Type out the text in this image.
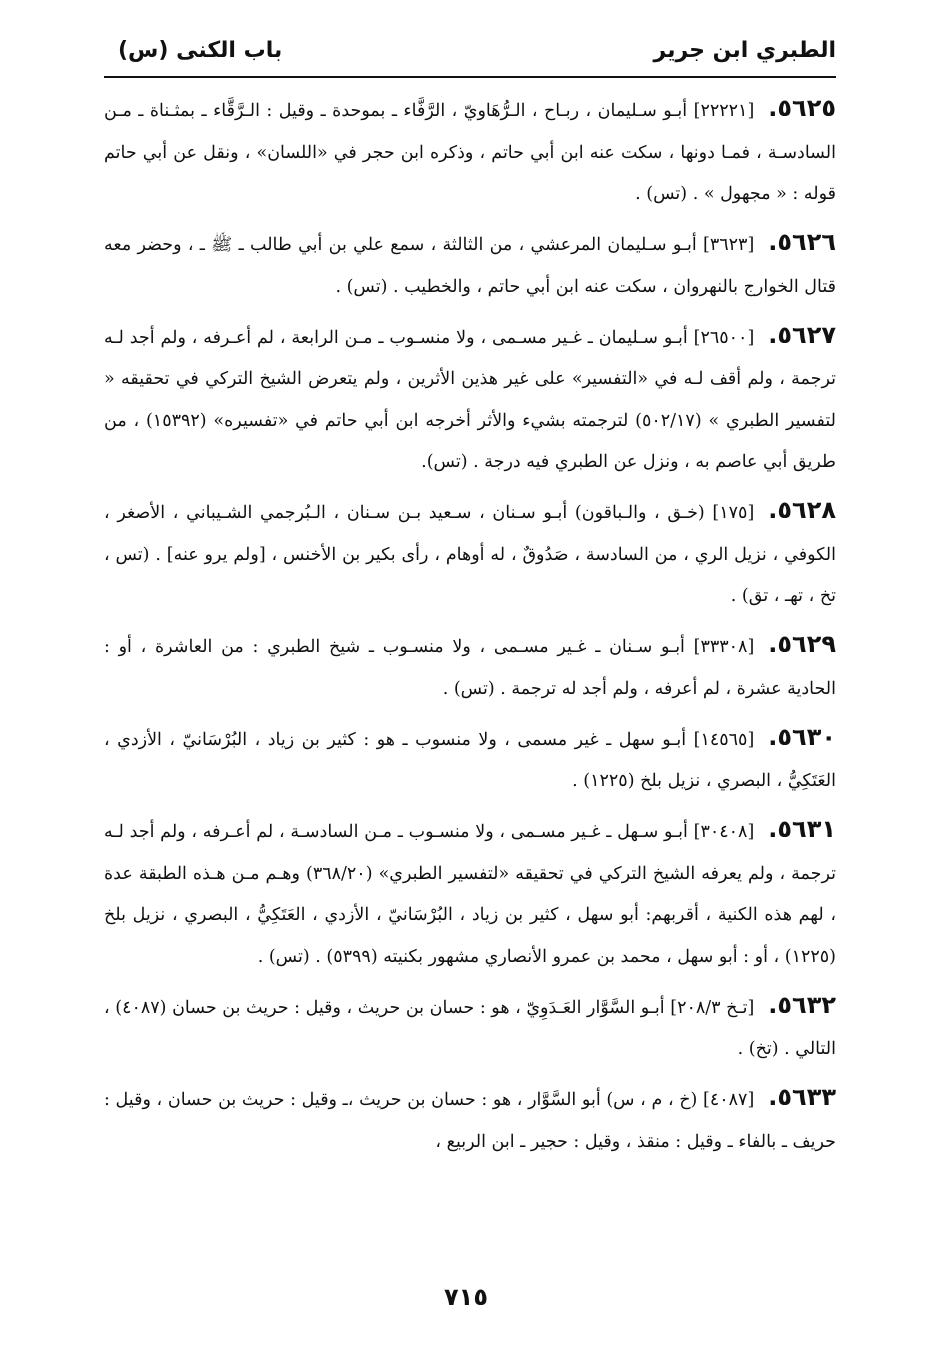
الطبري ابن جرير
باب الكنى (س)

٥٦٢٥.[٢٢٢٢١] أبـو سـليمان ، ربـاح ، الـرُّهَاويّ ، الرَّفَّاء ـ بموحدة ـ وقيل : الـرَّقَّاء ـ بمثـناة ـ مـن السادسـة ، فمـا دونها ، سكت عنه ابن أبي حاتم ، وذكره ابن حجر في «اللسان» ، ونقل عن أبي حاتم قوله : « مجهول » . (تس) .

٥٦٢٦.[٣٦٢٣] أبـو سـليمان المرعشي ، من الثالثة ، سمع علي بن أبي طالب ـ ﷺ ـ ، وحضر معه قتال الخوارج بالنهروان ، سكت عنه ابن أبي حاتم ، والخطيب . (تس) .

٥٦٢٧.[٢٦٥٠٠] أبـو سـليمان ـ غـير مسـمى ، ولا منسـوب ـ مـن الرابعة ، لم أعـرفه ، ولم أجد لـه ترجمة ، ولم أقف لـه في «التفسير» على غير هذين الأثرين ، ولم يتعرض الشيخ التركي في تحقيقه « لتفسير الطبري » (٥٠٢/١٧) لترجمته بشيء والأثر أخرجه ابن أبي حاتم في «تفسيره» (١٥٣٩٢) ، من طريق أبي عاصم به ، ونزل عن الطبري فيه درجة . (تس).

٥٦٢٨.[١٧٥] (خـق ، والـباقون) أبـو سـنان ، سـعيد بـن سـنان ، الـبُرجمي الشـيباني ، الأصغر ، الكوفي ، نزيل الري ، من السادسة ، صَدُوقٌ ، له أوهام ، رأى بكير بن الأخنس ، [ولم يرو عنه] . (تس ، تخ ، تهـ ، تق) .

٥٦٢٩.[٣٣٣٠٨] أبـو سـنان ـ غـير مسـمى ، ولا منسـوب ـ شيخ الطبري : من العاشرة ، أو : الحادية عشرة ، لم أعرفه ، ولم أجد له ترجمة . (تس) .

٥٦٣٠.[١٤٥٦٥] أبـو سهل ـ غير مسمى ، ولا منسوب ـ هو : كثير بن زياد ، البُرْسَانيّ ، الأزدي ، العَتَكِيُّ ، البصري ، نزيل بلخ (١٢٢٥) .

٥٦٣١.[٣٠٤٠٨] أبـو سـهل ـ غـير مسـمى ، ولا منسـوب ـ مـن السادسـة ، لم أعـرفه ، ولم أجد لـه ترجمة ، ولم يعرفه الشيخ التركي في تحقيقه «لتفسير الطبري» (٣٦٨/٢٠) وهـم مـن هـذه الطبقة عدة ، لهم هذه الكنية ، أقربهم: أبو سهل ، كثير بن زياد ، البُرْسَانيّ ، الأزدي ، العَتَكِيُّ ، البصري ، نزيل بلخ (١٢٢٥) ، أو : أبو سهل ، محمد بن عمرو الأنصاري مشهور بكنيته (٥٣٩٩) . (تس) .

٥٦٣٢.[تـخ ٢٠٨/٣] أبـو السَّوَّار العَـدَوِيّ ، هو : حسان بن حريث ، وقيل : حريث بن حسان (٤٠٨٧) ، التالي . (تخ) .

٥٦٣٣.[٤٠٨٧] (خ ، م ، س) أبو السَّوَّار ، هو : حسان بن حريث ،ـ وقيل : حريث بن حسان ، وقيل : حريف ـ بالفاء ـ وقيل : منقذ ، وقيل : حجير ـ ابن الربيع ،

٧١٥
